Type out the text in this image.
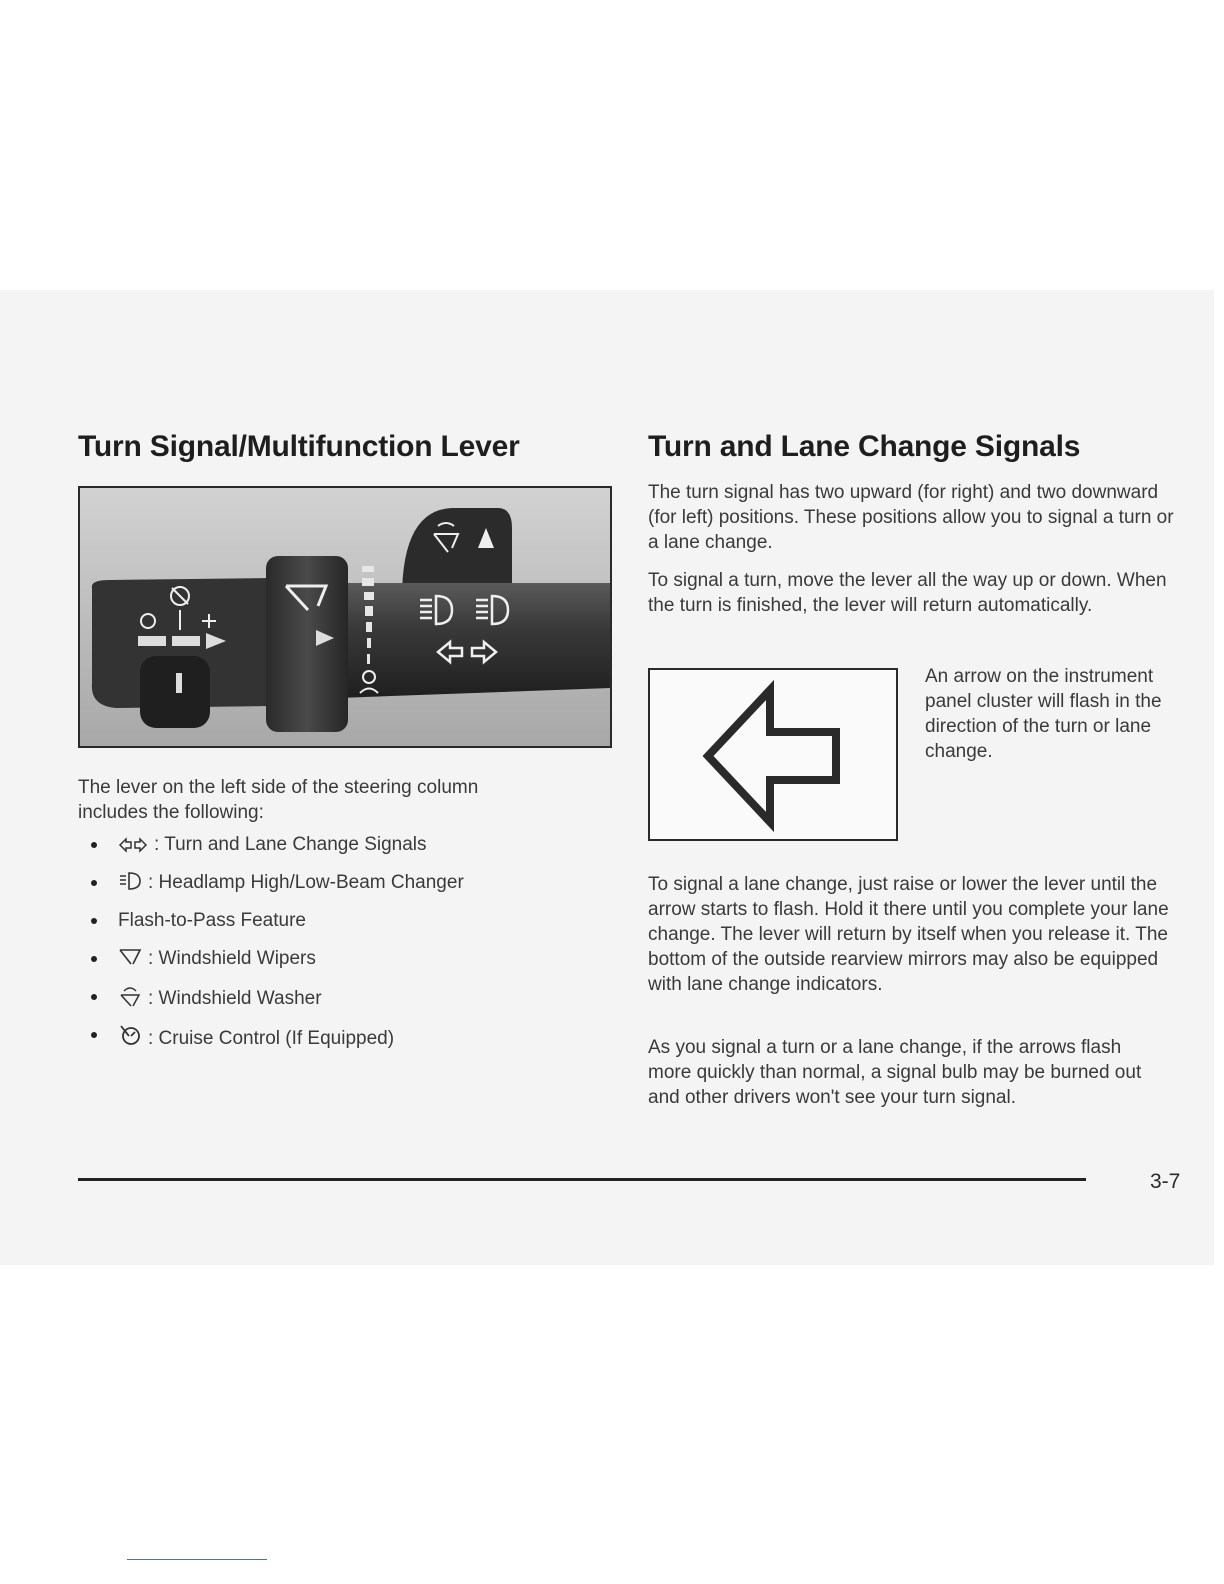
Turn Signal/Multifunction Lever

The lever on the left side of the steering column includes the following:

: Turn and Lane Change Signals
: Headlamp High/Low-Beam Changer
Flash-to-Pass Feature
: Windshield Wipers
: Windshield Washer
: Cruise Control (If Equipped)
Turn and Lane Change Signals

The turn signal has two upward (for right) and two downward (for left) positions. These positions allow you to signal a turn or a lane change.

To signal a turn, move the lever all the way up or down. When the turn is finished, the lever will return automatically.

An arrow on the instrument panel cluster will flash in the direction of the turn or lane change.

To signal a lane change, just raise or lower the lever until the arrow starts to flash. Hold it there until you complete your lane change. The lever will return by itself when you release it. The bottom of the outside rearview mirrors may also be equipped with lane change indicators.

As you signal a turn or a lane change, if the arrows flash more quickly than normal, a signal bulb may be burned out and other drivers won't see your turn signal.

3-7
